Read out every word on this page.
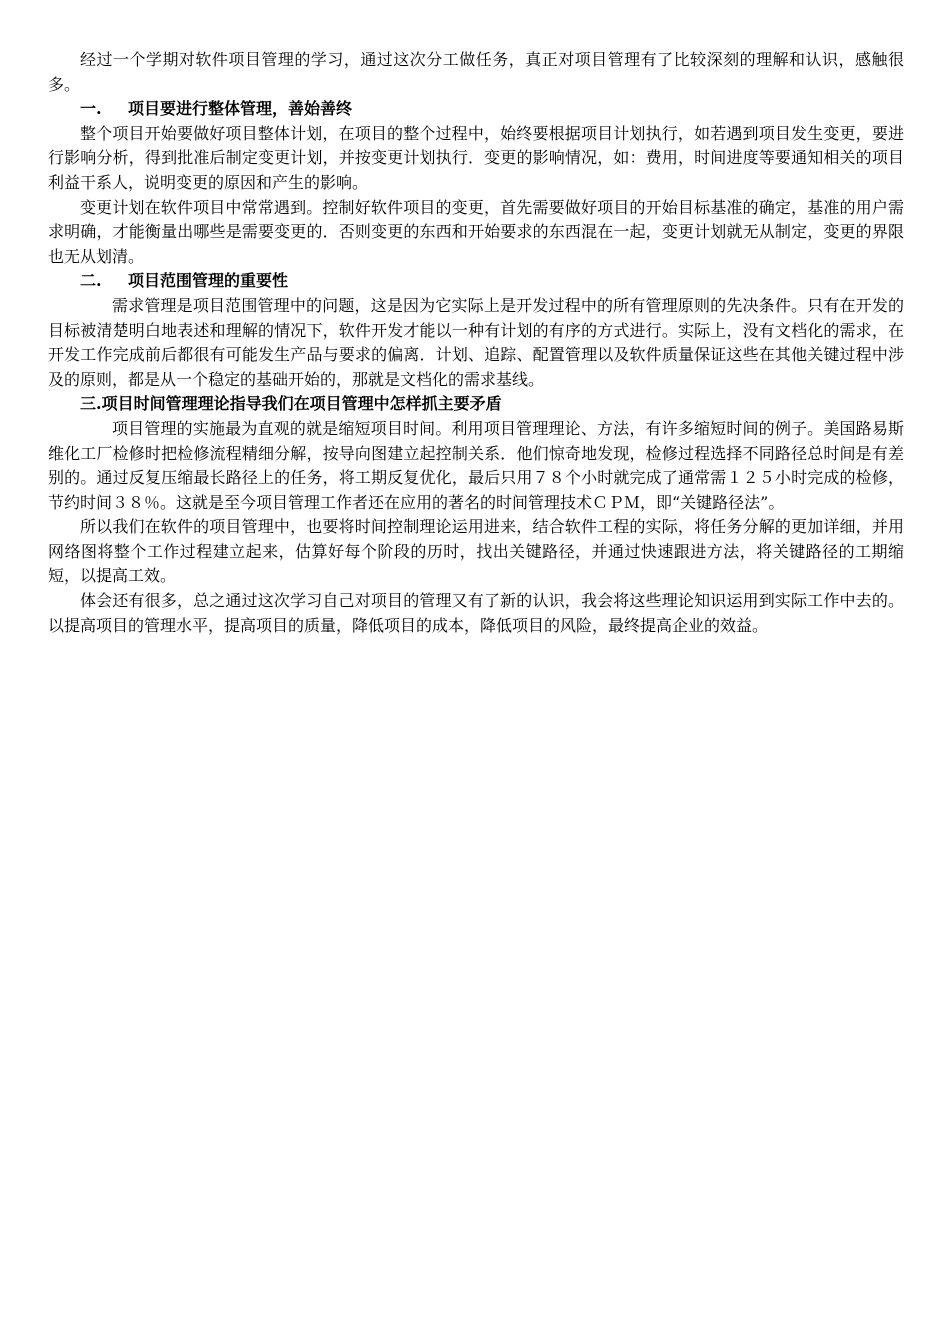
经过一个学期对软件项目管理的学习，通过这次分工做任务，真正对项目管理有了比较深刻的理解和认识，感触很多。

一. 项目要进行整体管理，善始善终

整个项目开始要做好项目整体计划，在项目的整个过程中，始终要根据项目计划执行，如若遇到项目发生变更，要进行影响分析，得到批准后制定变更计划，并按变更计划执行．变更的影响情况，如：费用，时间进度等要通知相关的项目利益干系人，说明变更的原因和产生的影响。

变更计划在软件项目中常常遇到。控制好软件项目的变更，首先需要做好项目的开始目标基准的确定，基准的用户需求明确，才能衡量出哪些是需要变更的．否则变更的东西和开始要求的东西混在一起，变更计划就无从制定，变更的界限也无从划清。

二. 项目范围管理的重要性

需求管理是项目范围管理中的问题，这是因为它实际上是开发过程中的所有管理原则的先决条件。只有在开发的目标被清楚明白地表述和理解的情况下，软件开发才能以一种有计划的有序的方式进行。实际上，没有文档化的需求，在开发工作完成前后都很有可能发生产品与要求的偏离．计划、追踪、配置管理以及软件质量保证这些在其他关键过程中涉及的原则，都是从一个稳定的基础开始的，那就是文档化的需求基线。

三.项目时间管理理论指导我们在项目管理中怎样抓主要矛盾

项目管理的实施最为直观的就是缩短项目时间。利用项目管理理论、方法，有许多缩短时间的例子。美国路易斯维化工厂检修时把检修流程精细分解，按导向图建立起控制关系．他们惊奇地发现，检修过程选择不同路径总时间是有差别的。通过反复压缩最长路径上的任务，将工期反复优化，最后只用７８个小时就完成了通常需１２５小时完成的检修，节约时间３８％。这就是至今项目管理工作者还在应用的著名的时间管理技术ＣＰＭ，即“关键路径法”。

所以我们在软件的项目管理中，也要将时间控制理论运用进来，结合软件工程的实际，将任务分解的更加详细，并用网络图将整个工作过程建立起来，估算好每个阶段的历时，找出关键路径，并通过快速跟进方法，将关键路径的工期缩短，以提高工效。

体会还有很多，总之通过这次学习自己对项目的管理又有了新的认识，我会将这些理论知识运用到实际工作中去的。以提高项目的管理水平，提高项目的质量，降低项目的成本，降低项目的风险，最终提高企业的效益。
